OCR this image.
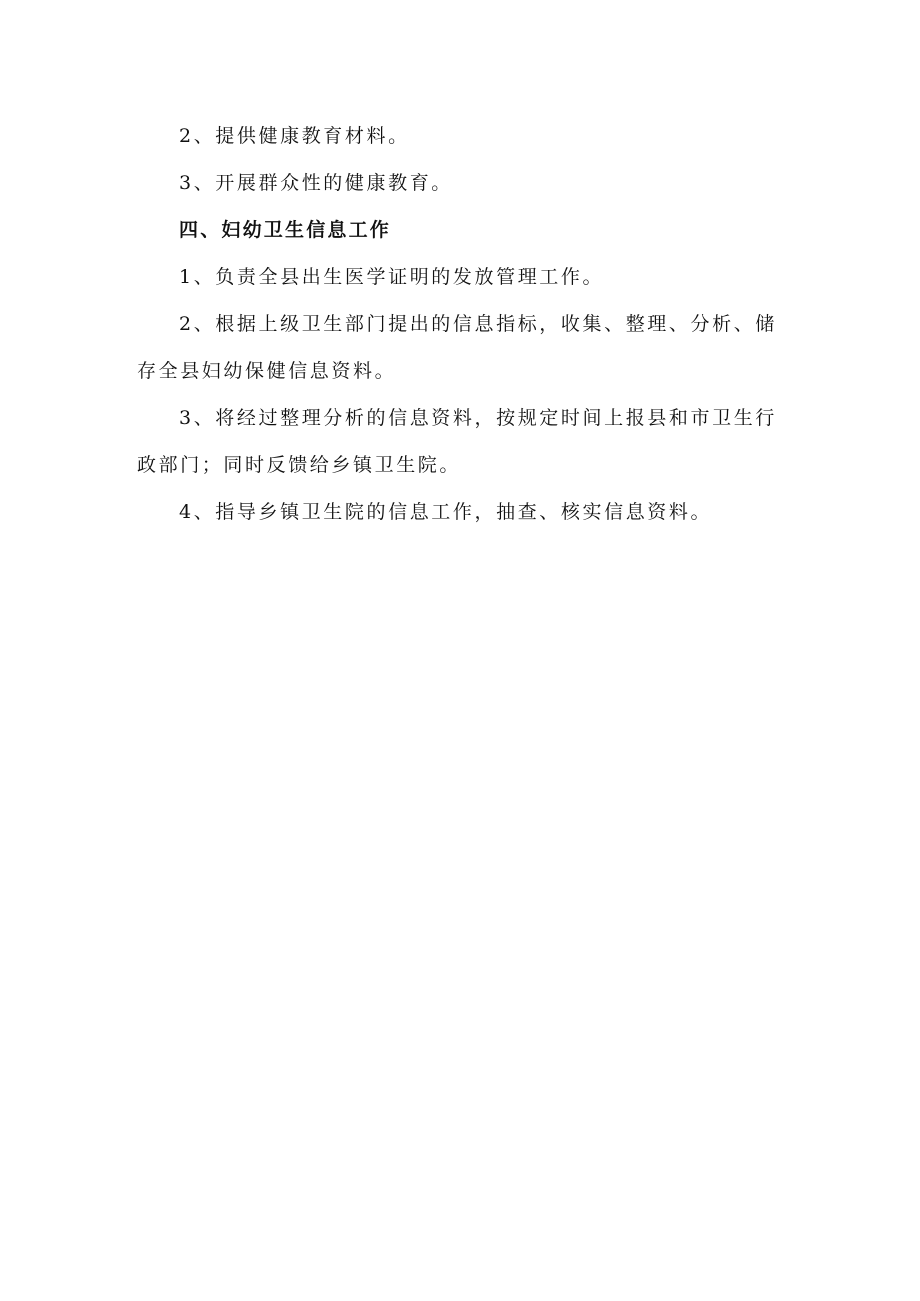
2、提供健康教育材料。

3、开展群众性的健康教育。

四、妇幼卫生信息工作

1、负责全县出生医学证明的发放管理工作。

2、根据上级卫生部门提出的信息指标，收集、整理、分析、储存全县妇幼保健信息资料。

3、将经过整理分析的信息资料，按规定时间上报县和市卫生行政部门；同时反馈给乡镇卫生院。

4、指导乡镇卫生院的信息工作，抽查、核实信息资料。
